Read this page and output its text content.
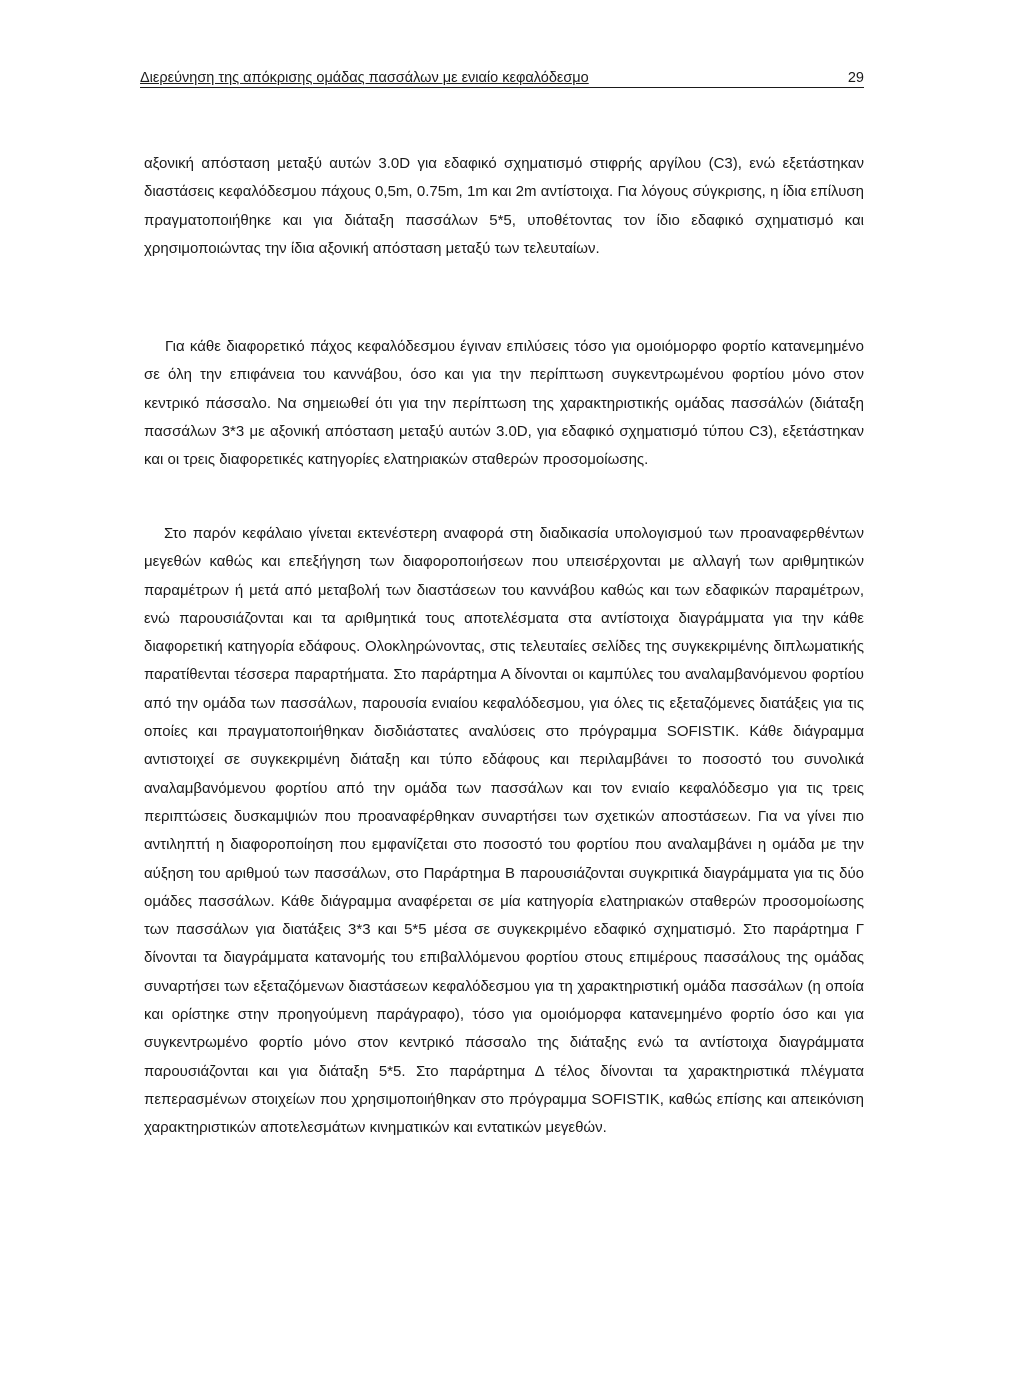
Διερεύνηση της απόκρισης ομάδας πασσάλων με ενιαίο κεφαλόδεσμο	29

αξονική απόσταση μεταξύ αυτών 3.0D για εδαφικό σχηματισμό στιφρής αργίλου (C3), ενώ εξετάστηκαν διαστάσεις κεφαλόδεσμου πάχους 0,5m, 0.75m, 1m και 2m αντίστοιχα. Για λόγους σύγκρισης, η ίδια επίλυση πραγματοποιήθηκε και για διάταξη πασσάλων 5*5, υποθέτοντας τον ίδιο εδαφικό σχηματισμό και χρησιμοποιώντας την ίδια αξονική απόσταση μεταξύ των τελευταίων.

Για κάθε διαφορετικό πάχος κεφαλόδεσμου έγιναν επιλύσεις τόσο για ομοιόμορφο φορτίο κατανεμημένο σε όλη την επιφάνεια του καννάβου, όσο και για την περίπτωση συγκεντρωμένου φορτίου μόνο στον κεντρικό πάσσαλο. Να σημειωθεί ότι για την περίπτωση της χαρακτηριστικής ομάδας πασσάλών (διάταξη πασσάλων 3*3 με αξονική απόσταση μεταξύ αυτών 3.0D, για εδαφικό σχηματισμό τύπου C3), εξετάστηκαν και οι τρεις διαφορετικές κατηγορίες ελατηριακών σταθερών προσομοίωσης.

Στο παρόν κεφάλαιο γίνεται εκτενέστερη αναφορά στη διαδικασία υπολογισμού των προαναφερθέντων μεγεθών καθώς και επεξήγηση των διαφοροποιήσεων που υπεισέρχονται με αλλαγή των αριθμητικών παραμέτρων ή μετά από μεταβολή των διαστάσεων του καννάβου καθώς και των εδαφικών παραμέτρων, ενώ παρουσιάζονται και τα αριθμητικά τους αποτελέσματα στα αντίστοιχα διαγράμματα για την κάθε διαφορετική κατηγορία εδάφους. Ολοκληρώνοντας, στις τελευταίες σελίδες της συγκεκριμένης διπλωματικής παρατίθενται τέσσερα παραρτήματα. Στο παράρτημα Α δίνονται οι καμπύλες του αναλαμβανόμενου φορτίου από την ομάδα των πασσάλων, παρουσία ενιαίου κεφαλόδεσμου, για όλες τις εξεταζόμενες διατάξεις για τις οποίες και πραγματοποιήθηκαν δισδιάστατες αναλύσεις στο πρόγραμμα SOFISTIK. Κάθε διάγραμμα αντιστοιχεί σε συγκεκριμένη διάταξη και τύπο εδάφους και περιλαμβάνει το ποσοστό του συνολικά αναλαμβανόμενου φορτίου από την ομάδα των πασσάλων και τον ενιαίο κεφαλόδεσμο για τις τρεις περιπτώσεις δυσκαμψιών που προαναφέρθηκαν συναρτήσει των σχετικών αποστάσεων. Για να γίνει πιο αντιληπτή η διαφοροποίηση που εμφανίζεται στο ποσοστό του φορτίου που αναλαμβάνει η ομάδα με την αύξηση του αριθμού των πασσάλων, στο Παράρτημα Β παρουσιάζονται συγκριτικά διαγράμματα για τις δύο ομάδες πασσάλων. Κάθε διάγραμμα αναφέρεται σε μία κατηγορία ελατηριακών σταθερών προσομοίωσης των πασσάλων για διατάξεις 3*3 και 5*5 μέσα σε συγκεκριμένο εδαφικό σχηματισμό. Στο παράρτημα Γ δίνονται τα διαγράμματα κατανομής του επιβαλλόμενου φορτίου στους επιμέρους πασσάλους της ομάδας συναρτήσει των εξεταζόμενων διαστάσεων κεφαλόδεσμου για τη χαρακτηριστική ομάδα πασσάλων (η οποία και ορίστηκε στην προηγούμενη παράγραφο), τόσο για ομοιόμορφα κατανεμημένο φορτίο όσο και για συγκεντρωμένο φορτίο μόνο στον κεντρικό πάσσαλο της διάταξης ενώ τα αντίστοιχα διαγράμματα παρουσιάζονται και για διάταξη 5*5. Στο παράρτημα Δ τέλος δίνονται τα χαρακτηριστικά πλέγματα πεπερασμένων στοιχείων που χρησιμοποιήθηκαν στο πρόγραμμα SOFISTIK, καθώς επίσης και απεικόνιση χαρακτηριστικών αποτελεσμάτων κινηματικών και εντατικών μεγεθών.
